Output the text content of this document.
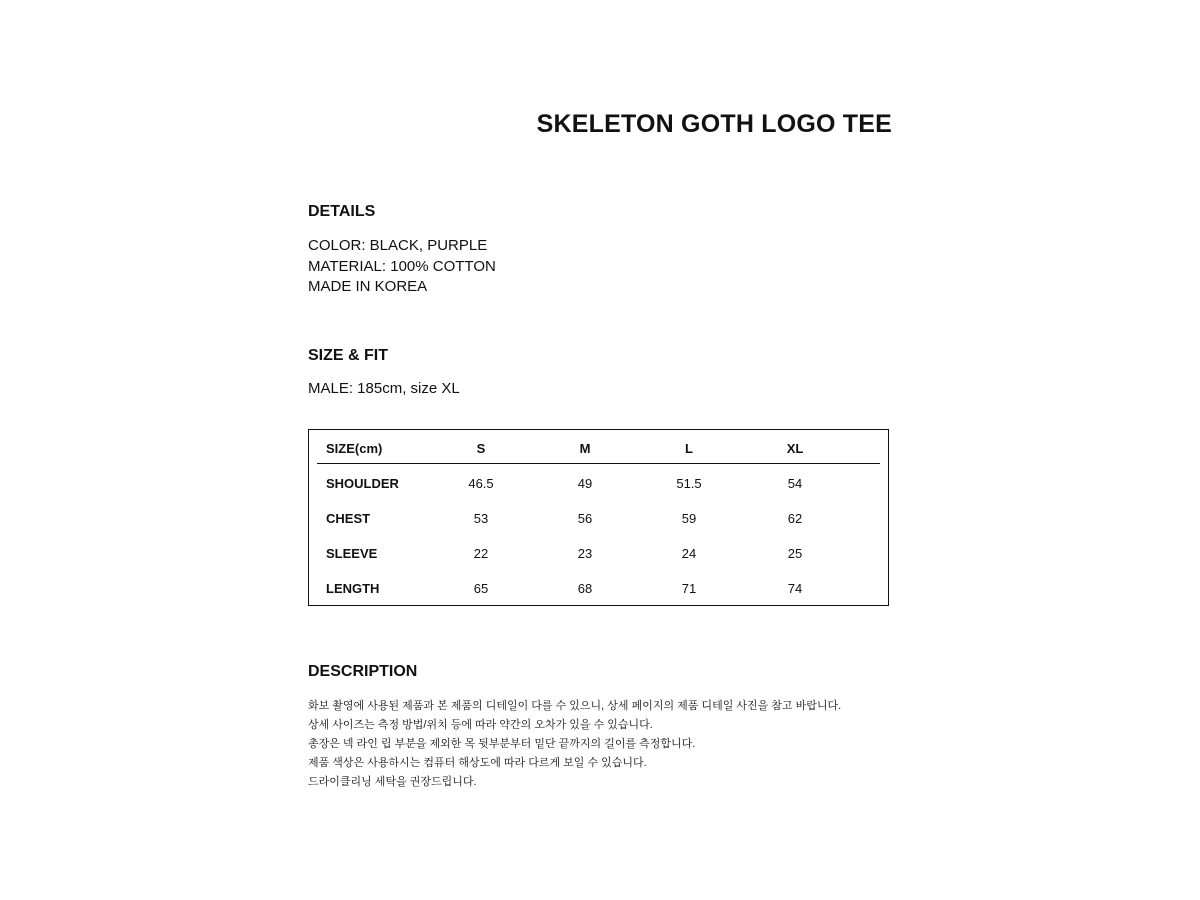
SKELETON GOTH LOGO TEE
DETAILS
COLOR: BLACK, PURPLE
MATERIAL: 100% COTTON
MADE IN KOREA
SIZE & FIT
MALE: 185cm, size XL
SIZE(cm)	S	M	L	XL
SHOULDER	46.5	49	51.5	54
CHEST	53	56	59	62
SLEEVE	22	23	24	25
LENGTH	65	68	71	74
DESCRIPTION
화보 촬영에 사용된 제품과 본 제품의 디테일이 다를 수 있으니, 상세 페이지의 제품 디테일 사진을 참고 바랍니다.
상세 사이즈는 측정 방법/위치 등에 따라 약간의 오차가 있을 수 있습니다.
총장은 넥 라인 립 부분을 제외한 목 뒷부분부터 밑단 끝까지의 길이를 측정합니다.
제품 색상은 사용하시는 컴퓨터 해상도에 따라 다르게 보일 수 있습니다.
드라이클리닝 세탁을 권장드립니다.
